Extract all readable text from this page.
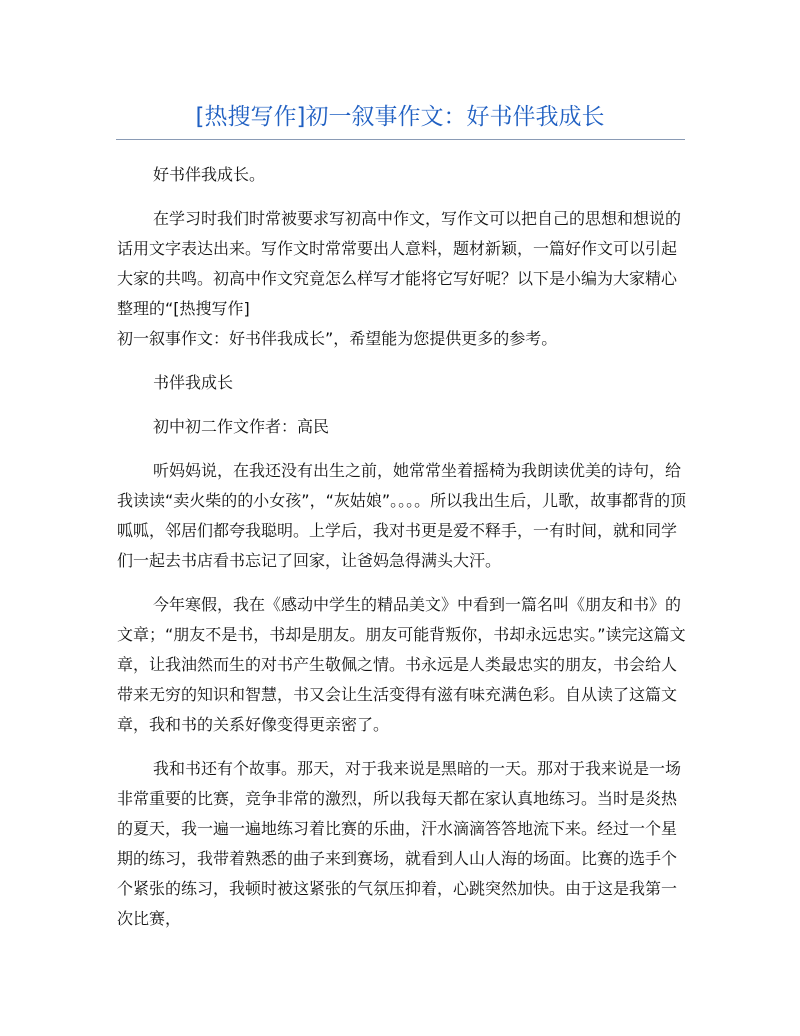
[热搜写作]初一叙事作文：好书伴我成长

好书伴我成长。

在学习时我们时常被要求写初高中作文，写作文可以把自己的思想和想说的话用文字表达出来。写作文时常常要出人意料，题材新颖，一篇好作文可以引起大家的共鸣。初高中作文究竟怎么样写才能将它写好呢？以下是小编为大家精心整理的“[热搜写作]
初一叙事作文：好书伴我成长”，希望能为您提供更多的参考。

书伴我成长

初中初二作文作者：高民

听妈妈说，在我还没有出生之前，她常常坐着摇椅为我朗读优美的诗句，给我读读“卖火柴的的小女孩”，“灰姑娘”。。。。所以我出生后，儿歌，故事都背的顶呱呱，邻居们都夸我聪明。上学后，我对书更是爱不释手，一有时间，就和同学们一起去书店看书忘记了回家，让爸妈急得满头大汗。

今年寒假，我在《感动中学生的精品美文》中看到一篇名叫《朋友和书》的文章；“朋友不是书，书却是朋友。朋友可能背叛你，书却永远忠实。”读完这篇文章，让我油然而生的对书产生敬佩之情。书永远是人类最忠实的朋友，书会给人带来无穷的知识和智慧，书又会让生活变得有滋有味充满色彩。自从读了这篇文章，我和书的关系好像变得更亲密了。

我和书还有个故事。那天，对于我来说是黑暗的一天。那对于我来说是一场非常重要的比赛，竞争非常的激烈，所以我每天都在家认真地练习。当时是炎热的夏天，我一遍一遍地练习着比赛的乐曲，汗水滴滴答答地流下来。经过一个星期的练习，我带着熟悉的曲子来到赛场，就看到人山人海的场面。比赛的选手个个紧张的练习，我顿时被这紧张的气氛压抑着，心跳突然加快。由于这是我第一次比赛，
